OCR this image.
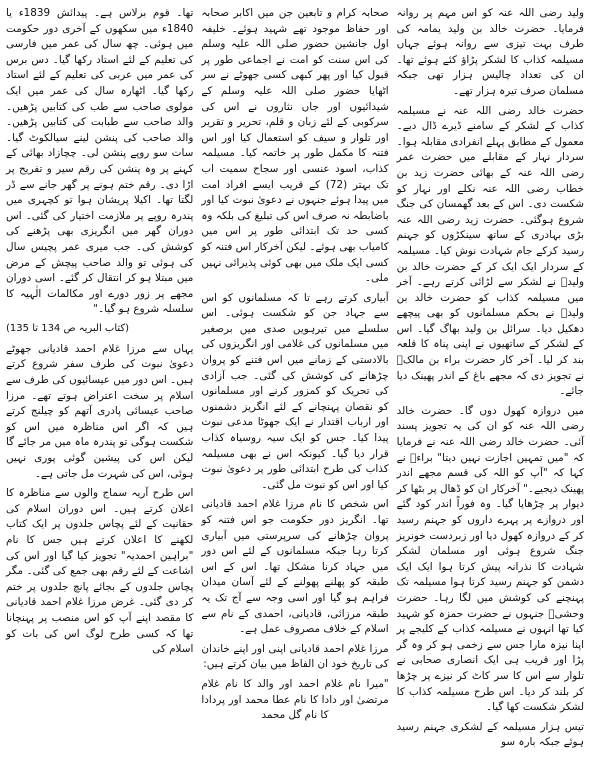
ولید رضی اللہ عنہ کو اس مہم پر روانہ فرمایا۔ حضرت خالد بن ولید یمامہ کی طرف بہت تیزی سے روانہ ہوئے جہاں مسیلمہ کذاب کا لشکر پڑاؤ کئے ہوئے تھا۔ ان کی تعداد چالیس ہزار تھی جبکہ مسلمان صرف تیرہ ہزار تھے۔

حضرت خالد رضی اللہ عنہ نے مسیلمہ کذاب کے لشکر کے سامنے ڈیرے ڈال دیے۔ معمول کے مطابق پہلے انفرادی مقابلہ ہوا۔ سردار نہار کے مقابلے میں حضرت عمر رضی اللہ عنہ کے بھائی حضرت زید بن خطاب رضی اللہ عنہ نکلے اور نہار کو شکست دی۔ اس کے بعد گھمسان کی جنگ شروع ہوگئی۔ حضرت زید رضی اللہ عنہ بڑی بہادری کے ساتھ سینکڑوں کو جہنم رسید کرکے جام شہادت نوش کیا۔ مسیلمہ کے سردار ایک ایک کر کے حضرت خالد بن ولیدؓ نے لشکر سے لڑائی کرتے رہے۔ آخر میں مسیلمہ کذاب کو حضرت خالد بن ولیدؓ نے بحکم مسلمانوں کو بھی پیچھے دھکیل دیا۔ سرائل بن ولید بھاگ گیا۔ اس کے لشکر کے ساتھیوں نے اپنی پناہ کا قلعہ بند کر لیا۔ آخر کار حضرت براء بن مالکؓ نے تجویز دی کہ مجھے باغ کے اندر پھینک دیا جائے۔

میں دروازہ کھول دوں گا۔ حضرت خالد رضی اللہ عنہ کو ان کی یہ تجویز پسند آئی۔ حضرت خالد رضی اللہ عنہ نے فرمایا کہ "میں تمہیں اجازت نہیں دیتا" براءؓ نے کہا کہ "آپ کو اللہ کی قسم مجھے اندر پھینک دیجیے۔" آخرکار ان کو ڈھال پر بٹھا کر دیوار پر چڑھایا گیا۔ وہ فوراً اندر کود گئے اور دروازے پر پہرے داروں کو جہنم رسید کر کے دروازہ کھول دیا اور زبردست خونریز جنگ شروع ہوئی اور مسلمان لشکر شہادت کا نذرانہ پیش کرتا ہوا ایک ایک دشمن کو جہنم رسید کرتا ہوا مسیلمہ تک پہنچنے کی کوشش میں لگا رہا۔ حضرت وحشیؓ جنہوں نے حضرت حمزہ کو شہید کیا تھا انہوں نے مسیلمہ کذاب کے کلیجے پر اپنا نیزہ مارا جس سے زخمی ہو کر وہ گر پڑا اور قریب ہی ایک انصاری صحابی نے تلوار سے اس کا سر کاٹ کر نیزے پر چڑھا کر بلند کر دیا۔ اس طرح مسیلمہ کذاب کا لشکر شکست کھا گیا۔

تیس ہزار مسیلمہ کے لشکری جہنم رسید ہوئے جبکہ بارہ سو

صحابہ کرام و تابعین جن میں اکابر صحابہ اور حفاظ موجود تھے شہید ہوئے۔ خلیفہ اول جانشین حضور صلی اللہ علیہ وسلم کی اس سنت کو امت نے اجماعی طور پر قبول کیا اور پھر کبھی کسی جھوٹے نے سر اٹھایا حضور صلی اللہ علیہ وسلم کے شیدائیوں اور جاں نثاروں نے اس کی سرکوبی کے لئے زبان و قلم، تحریر و تقریر اور تلوار و سیف کو استعمال کیا اور اس فتنہ کا مکمل طور پر خاتمہ کیا۔ مسیلمہ کذاب، اسود عنسی اور سجاح سمیت اب تک بہتر (72) کے قریب ایسے افراد امت میں پیدا ہوئے جنہوں نے دعویٰ نبوت کیا اور باضابطہ نہ صرف اس کی تبلیغ کی بلکہ وہ کسی حد تک ابتدائی طور پر اس میں کامیاب بھی ہوئے۔ لیکن آخرکار اس فتنہ کو کسی ایک ملک میں بھی کوئی پذیرائی نہیں ملی۔

آبیاری کرتے رہے تا کہ مسلمانوں کو اس سے جہاد جن کو شکست ہوئی۔ اس سلسلے میں تیرہویں صدی میں برصغیر میں مسلمانوں کی غلامی اور انگریزوں کی بالادستی کے زمانے میں اس فتنے کو پروان چڑھانے کی کوشش کی گئی۔ جب آزادی کی تحریک کو کمزور کرنے اور مسلمانوں کو نقصان پہنچانے کے لئے انگریز دشمنوں اور ارباب اقتدار نے ایک جھوٹا مدعی نبوت پیدا کیا۔ جس کو ایک سیہ روسیاہ کذاب قرار دیا گیا۔ کیونکہ اس نے بھی مسیلمہ کذاب کی طرح ابتدائی طور پر دعویٰ نبوت کیا اور اس کو نبوت مل گئی۔

اس شخص کا نام مرزا غلام احمد قادیانی تھا۔ انگریز دور حکومت جو اس فتنہ کو پروان چڑھانے کی سرپرستی میں آبیاری کرتا رہا جبکہ مسلمانوں کے لئے اس دور میں جہاد کرنا مشکل تھا۔ اس کے اس طبقہ کو پھلنے پھولنے کے لئے آسان میدان فراہم ہو گیا اور اسی وجہ سے آج تک یہ طبقہ مرزائی، قادیانی، احمدی کے نام سے اسلام کے خلاف مصروف عمل ہے۔

مرزا غلام احمد قادیانی اپنی اور اپنے خاندان کی تاریخ خود ان الفاظ میں بیان کرتے ہیں:

"میرا نام غلام احمد اور والد کا نام غلام مرتضیٰ اور دادا کا نام عطا محمد اور پردادا کا نام گل محمد

تھا۔ قوم برلاس ہے۔ پیدائش 1839ء یا 1840ء میں سکھوں کے آخری دور حکومت میں ہوئی۔ چھ سال کی عمر میں فارسی کی تعلیم کے لئے استاد رکھا گیا۔ دس برس کی عمر میں عربی کی تعلیم کے لئے استاد رکھا گیا۔ اٹھارہ سال کی عمر میں ایک مولوی صاحب سے طب کی کتابیں پڑھیں۔ والد صاحب سے طبابت کی کتابیں پڑھیں۔ والد صاحب کی پنشن لینے سیالکوٹ گیا۔ سات سو روپے پنشن لی۔ چچازاد بھائی کے کہنے پر وہ پنشن کی رقم سیر و تفریح پر اڑا دی۔ رقم ختم ہونے پر گھر جانے سے ڈر لگتا تھا۔ اکیلا پریشان ہوا تو کچہری میں پندرہ روپے پر ملازمت اختیار کی گئی۔ اس دوران گھر میں انگریزی بھی پڑھنے کی کوشش کی۔ جب میری عمر پچیس سال کی ہوئی تو والد صاحب پیچش کے مرض میں مبتلا ہو کر انتقال کر گئے۔ اسی دوران مجھے پر زور دورے اور مکالمات الٰہیہ کا سلسلہ شروع ہو گیا۔"

(کتاب البریہ ص 134 تا 135)

یہاں سے مرزا غلام احمد قادیانی جھوٹے دعویٰ نبوت کی طرف سفر شروع کرتے ہیں۔ اس دور میں عیسائیوں کی طرف سے اسلام پر سخت اعتراض ہوتے تھے۔ مرزا صاحب عیسائی پادری آتھم کو چیلنج کرتے ہیں کہ اگر اس مناظرہ میں اس کو شکست ہوگی تو پندرہ ماہ میں مر جائے گا لیکن اس کی پیشین گوئی پوری نہیں ہوئی، اس کی شہرت مل جاتی ہے۔

اس طرح آریہ سماج والوں سے مناظرہ کا اعلان کرتے ہیں۔ اس دوران اسلام کی حقانیت کے لئے پچاس جلدوں پر ایک کتاب لکھنے کا اعلان کرتے ہیں جس کا نام "براہین احمدیہ" تجویز کیا گیا اور اس کی اشاعت کے لئے رقم بھی جمع کی گئی۔ مگر پچاس جلدوں کے بجائے پانچ جلدوں پر ختم کر دی گئی۔ غرض مرزا غلام احمد قادیانی کا مقصد اپنے آپ کو اس منصب پر پہنچانا تھا کہ کسی طرح لوگ اس کی بات کو اسلام کی
